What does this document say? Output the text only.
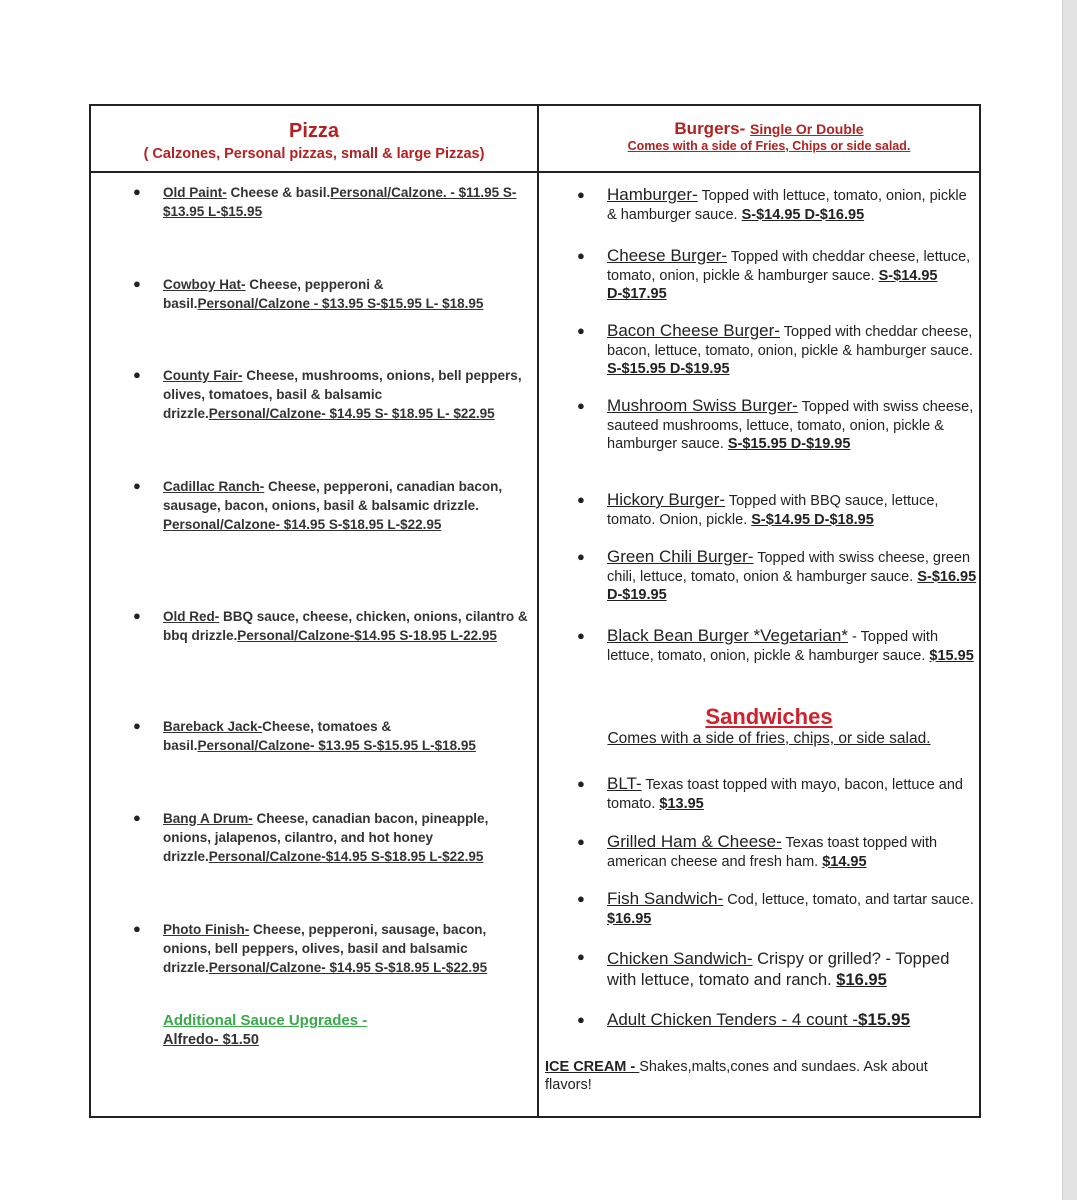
Pizza
( Calzones, Personal pizzas, small & large Pizzas)
Burgers- Single Or Double
Comes with a side of Fries, Chips or side salad.
● Old Paint- Cheese & basil.Personal/Calzone. - $11.95 S- $13.95 L-$15.95
● Cowboy Hat- Cheese, pepperoni & basil.Personal/Calzone - $13.95 S-$15.95 L- $18.95
● County Fair- Cheese, mushrooms, onions, bell peppers, olives, tomatoes, basil & balsamic drizzle.Personal/Calzone- $14.95 S- $18.95 L- $22.95
● Cadillac Ranch- Cheese, pepperoni, canadian bacon, sausage, bacon, onions, basil & balsamic drizzle. Personal/Calzone- $14.95 S-$18.95 L-$22.95
● Old Red- BBQ sauce, cheese, chicken, onions, cilantro & bbq drizzle.Personal/Calzone-$14.95 S-18.95 L-22.95
● Bareback Jack-Cheese, tomatoes & basil.Personal/Calzone- $13.95 S-$15.95 L-$18.95
● Bang A Drum- Cheese, canadian bacon, pineapple, onions, jalapenos, cilantro, and hot honey drizzle.Personal/Calzone-$14.95 S-$18.95 L-$22.95
● Photo Finish- Cheese, pepperoni, sausage, bacon, onions, bell peppers, olives, basil and balsamic drizzle.Personal/Calzone- $14.95 S-$18.95 L-$22.95
Additional Sauce Upgrades -
Alfredo- $1.50
● Hamburger- Topped with lettuce, tomato, onion, pickle & hamburger sauce. S-$14.95 D-$16.95
● Cheese Burger- Topped with cheddar cheese, lettuce, tomato, onion, pickle & hamburger sauce. S-$14.95 D-$17.95
● Bacon Cheese Burger- Topped with cheddar cheese, bacon, lettuce, tomato, onion, pickle & hamburger sauce. S-$15.95 D-$19.95
● Mushroom Swiss Burger- Topped with swiss cheese, sauteed mushrooms, lettuce, tomato, onion, pickle & hamburger sauce. S-$15.95 D-$19.95
● Hickory Burger- Topped with BBQ sauce, lettuce, tomato. Onion, pickle. S-$14.95 D-$18.95
● Green Chili Burger- Topped with swiss cheese, green chili, lettuce, tomato, onion & hamburger sauce. S-$16.95 D-$19.95
● Black Bean Burger *Vegetarian* - Topped with lettuce, tomato, onion, pickle & hamburger sauce. $15.95
Sandwiches
Comes with a side of fries, chips, or side salad.
● BLT- Texas toast topped with mayo, bacon, lettuce and tomato. $13.95
● Grilled Ham & Cheese- Texas toast topped with american cheese and fresh ham. $14.95
● Fish Sandwich- Cod, lettuce, tomato, and tartar sauce. $16.95
● Chicken Sandwich- Crispy or grilled? - Topped with lettuce, tomato and ranch. $16.95
● Adult Chicken Tenders - 4 count -$15.95
ICE CREAM - Shakes,malts,cones and sundaes. Ask about flavors!
